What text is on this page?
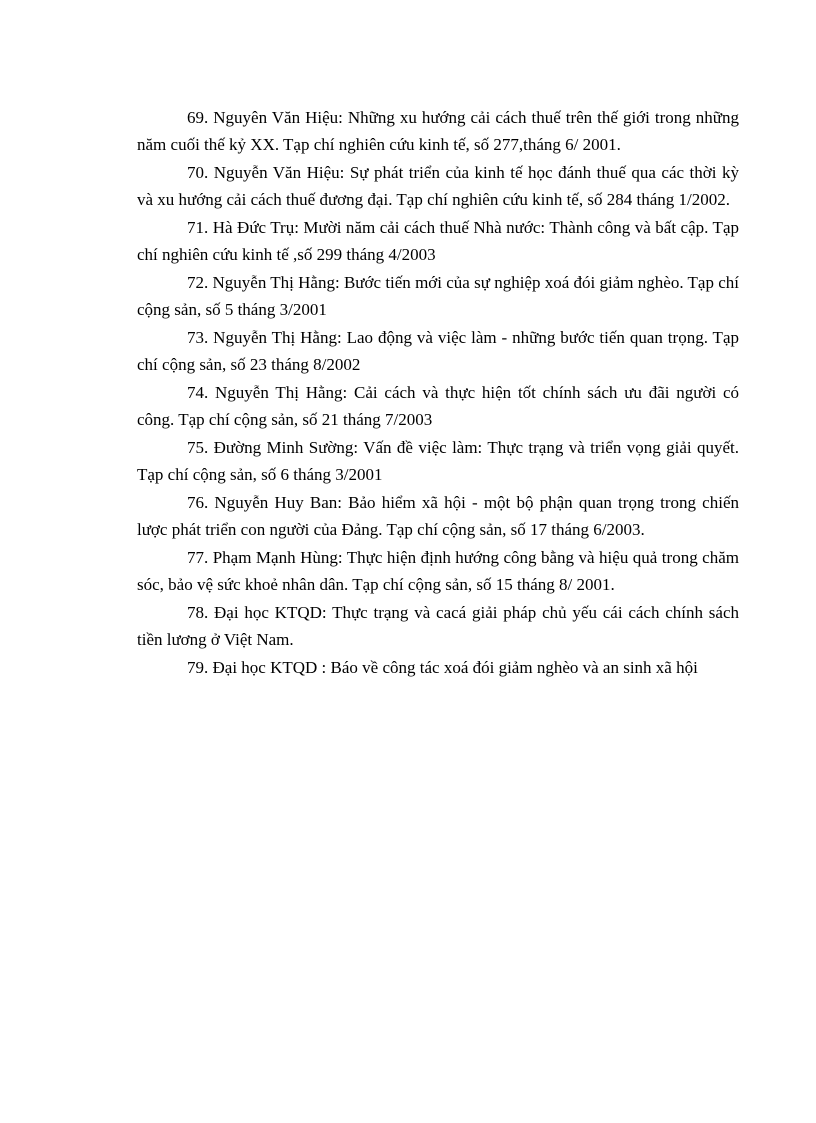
69. Nguyên Văn Hiệu: Những xu hướng cải cách thuế trên thế giới trong những năm cuối thế kỷ XX. Tạp chí nghiên cứu kinh tế, số 277,tháng 6/ 2001.

70. Nguyễn Văn Hiệu: Sự phát triển của kinh tế học đánh thuế qua các thời kỳ và xu hướng cải cách thuế đương đại. Tạp chí nghiên cứu kinh tế, số 284 tháng 1/2002.

71. Hà Đức Trụ: Mười năm cải cách thuế Nhà nước: Thành công và bất cập. Tạp chí nghiên cứu kinh tế ,số 299 tháng 4/2003

72. Nguyễn Thị Hằng: Bước tiến mới của sự nghiệp xoá đói giảm nghèo. Tạp chí cộng sản, số 5 tháng 3/2001

73. Nguyễn Thị Hằng: Lao động và việc làm - những bước tiến quan trọng. Tạp chí cộng sản, số 23 tháng 8/2002

74. Nguyễn Thị Hằng: Cải cách và thực hiện tốt chính sách ưu đãi người có công. Tạp chí cộng sản, số 21 tháng 7/2003

75. Đường Minh Sường: Vấn đề việc làm: Thực trạng và triển vọng giải quyết. Tạp chí cộng sản, số 6 tháng 3/2001

76. Nguyễn Huy Ban: Bảo hiểm xã hội - một bộ phận quan trọng trong chiến lược phát triển con người của Đảng. Tạp chí cộng sản, số 17 tháng 6/2003.

77. Phạm Mạnh Hùng: Thực hiện định hướng công bằng và hiệu quả trong chăm sóc, bảo vệ sức khoẻ nhân dân. Tạp chí cộng sản, số 15 tháng 8/ 2001.

78. Đại học KTQD: Thực trạng và cacá giải pháp chủ yếu cái cách chính sách tiền lương ở Việt Nam.

79. Đại học KTQD : Báo về công tác xoá đói giảm nghèo và an sinh xã hội
